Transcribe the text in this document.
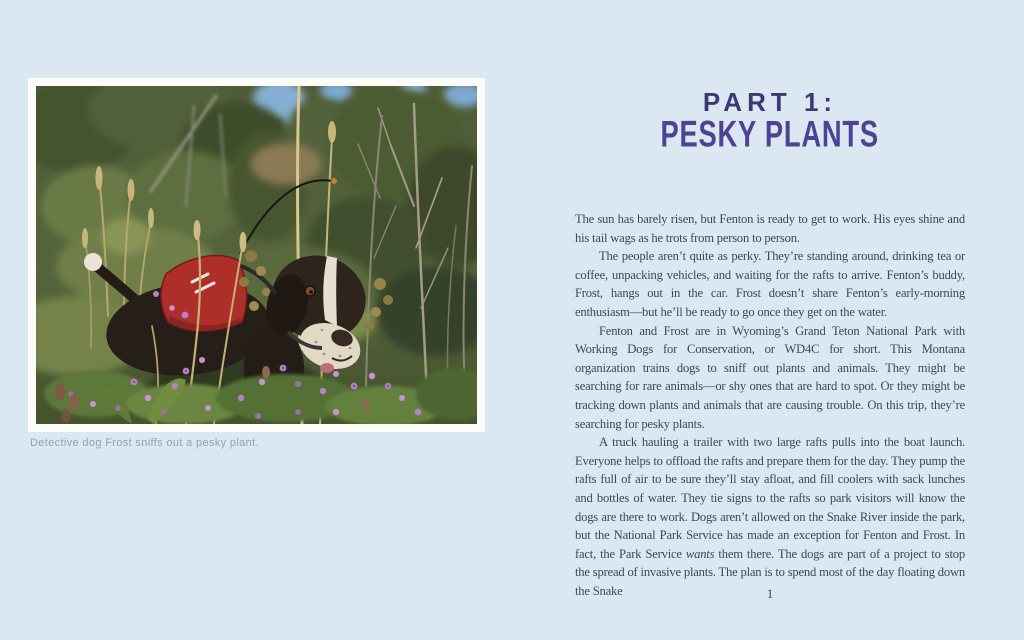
Detective dog Frost sniffs out a pesky plant.
PART 1:
PESKY PLANTS

The sun has barely risen, but Fenton is ready to get to work. His eyes shine and his tail wags as he trots from person to person.

The people aren’t quite as perky. They’re standing around, drinking tea or coffee, unpacking vehicles, and waiting for the rafts to arrive. Fenton’s buddy, Frost, hangs out in the car. Frost doesn’t share Fenton’s early-morning enthusiasm—but he’ll be ready to go once they get on the water.

Fenton and Frost are in Wyoming’s Grand Teton National Park with Working Dogs for Conservation, or WD4C for short. This Montana organization trains dogs to sniff out plants and animals. They might be searching for rare animals—or shy ones that are hard to spot. Or they might be tracking down plants and animals that are causing trouble. On this trip, they’re searching for pesky plants.

A truck hauling a trailer with two large rafts pulls into the boat launch. Everyone helps to offload the rafts and prepare them for the day. They pump the rafts full of air to be sure they’ll stay afloat, and fill coolers with sack lunches and bottles of water. They tie signs to the rafts so park visitors will know the dogs are there to work. Dogs aren’t allowed on the Snake River inside the park, but the National Park Service has made an exception for Fenton and Frost. In fact, the Park Service wants them there. The dogs are part of a project to stop the spread of invasive plants. The plan is to spend most of the day floating down the Snake	1
